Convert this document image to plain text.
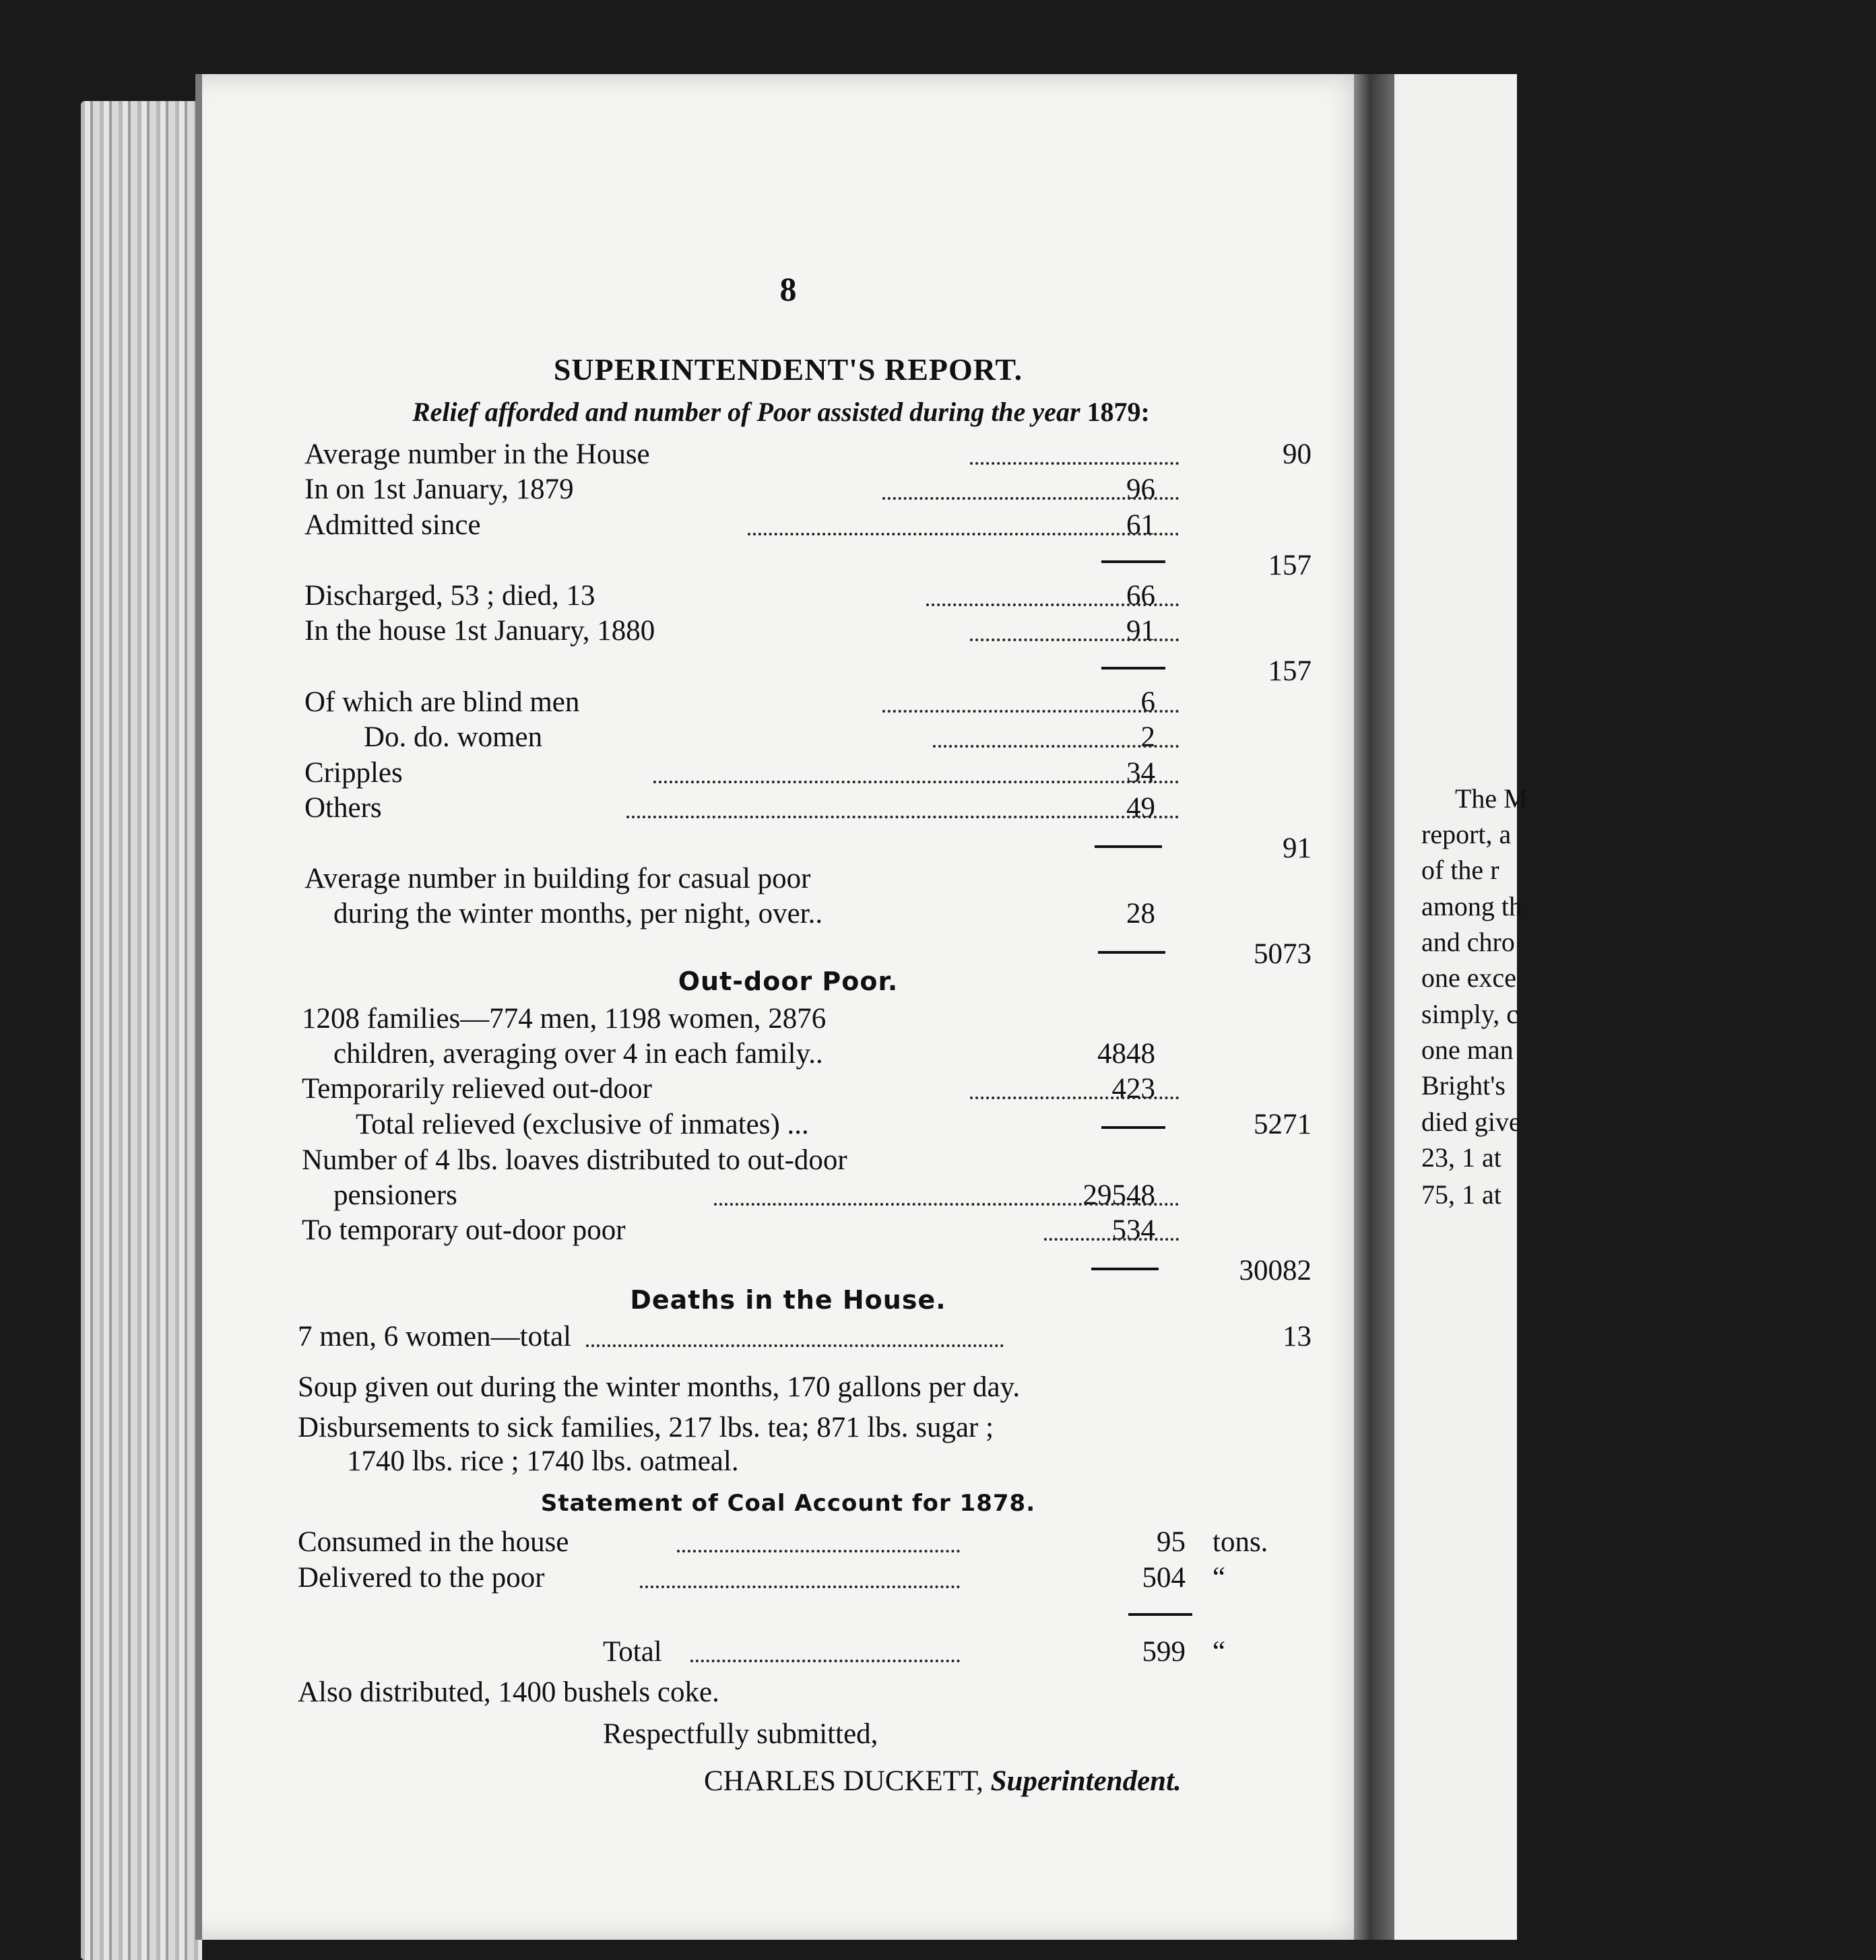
8
SUPERINTENDENT'S REPORT.
Relief afforded and number of Poor assisted during the year 1879:
Average number in the House	90
In on 1st January, 1879	96
Admitted since	61
157
Discharged, 53 ; died, 13	66
In the house 1st January, 1880	91
157
Of which are blind men	6
Do. do. women	2
Cripples	34
Others	49
91
Average number in building for casual poor
during the winter months, per night, over..	28
5073
Out-door Poor.
1208 families—774 men, 1198 women, 2876
children, averaging over 4 in each family..	4848
Temporarily relieved out-door	423
Total relieved (exclusive of inmates) ...	5271
Number of 4 lbs. loaves distributed to out-door
pensioners	29548
To temporary out-door poor	534
30082
Deaths in the House.
7 men, 6 women—total	13
Soup given out during the winter months, 170 gallons per day.
Disbursements to sick families, 217 lbs. tea; 871 lbs. sugar ;
1740 lbs. rice ; 1740 lbs. oatmeal.
Statement of Coal Account for 1878.
Consumed in the house	95 tons.
Delivered to the poor	504 “
Total	599 “
Also distributed, 1400 bushels coke.
Respectfully submitted,
CHARLES DUCKETT, Superintendent.
The M
report, a
of the r
among th
and chro
one exce
simply, c
one man
Bright's
died give
23, 1 at
75, 1 at
